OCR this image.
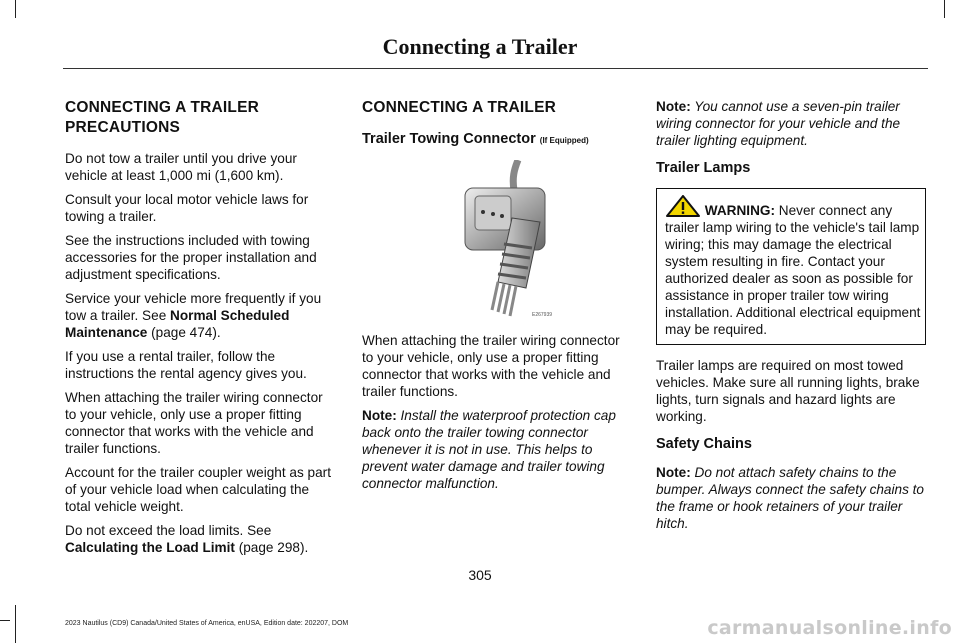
Connecting a Trailer
CONNECTING A TRAILER PRECAUTIONS

Do not tow a trailer until you drive your vehicle at least 1,000 mi (1,600 km).

Consult your local motor vehicle laws for towing a trailer.

See the instructions included with towing accessories for the proper installation and adjustment specifications.

Service your vehicle more frequently if you tow a trailer. See Normal Scheduled Maintenance (page 474).

If you use a rental trailer, follow the instructions the rental agency gives you.

When attaching the trailer wiring connector to your vehicle, only use a proper fitting connector that works with the vehicle and trailer functions.

Account for the trailer coupler weight as part of your vehicle load when calculating the total vehicle weight.

Do not exceed the load limits. See Calculating the Load Limit (page 298).

CONNECTING A TRAILER
Trailer Towing Connector (If Equipped)
E267939

When attaching the trailer wiring connector to your vehicle, only use a proper fitting connector that works with the vehicle and trailer functions.

Note: Install the waterproof protection cap back onto the trailer towing connector whenever it is not in use. This helps to prevent water damage and trailer towing connector malfunction.

Note: You cannot use a seven-pin trailer wiring connector for your vehicle and the trailer lighting equipment.

Trailer Lamps
WARNING: Never connect any trailer lamp wiring to the vehicle's tail lamp wiring; this may damage the electrical system resulting in fire. Contact your authorized dealer as soon as possible for assistance in proper trailer tow wiring installation. Additional electrical equipment may be required.

Trailer lamps are required on most towed vehicles. Make sure all running lights, brake lights, turn signals and hazard lights are working.

Safety Chains

Note: Do not attach safety chains to the bumper. Always connect the safety chains to the frame or hook retainers of your trailer hitch.

305
2023 Nautilus (CD9) Canada/United States of America, enUSA, Edition date: 202207, DOM	carmanualsonline.info
